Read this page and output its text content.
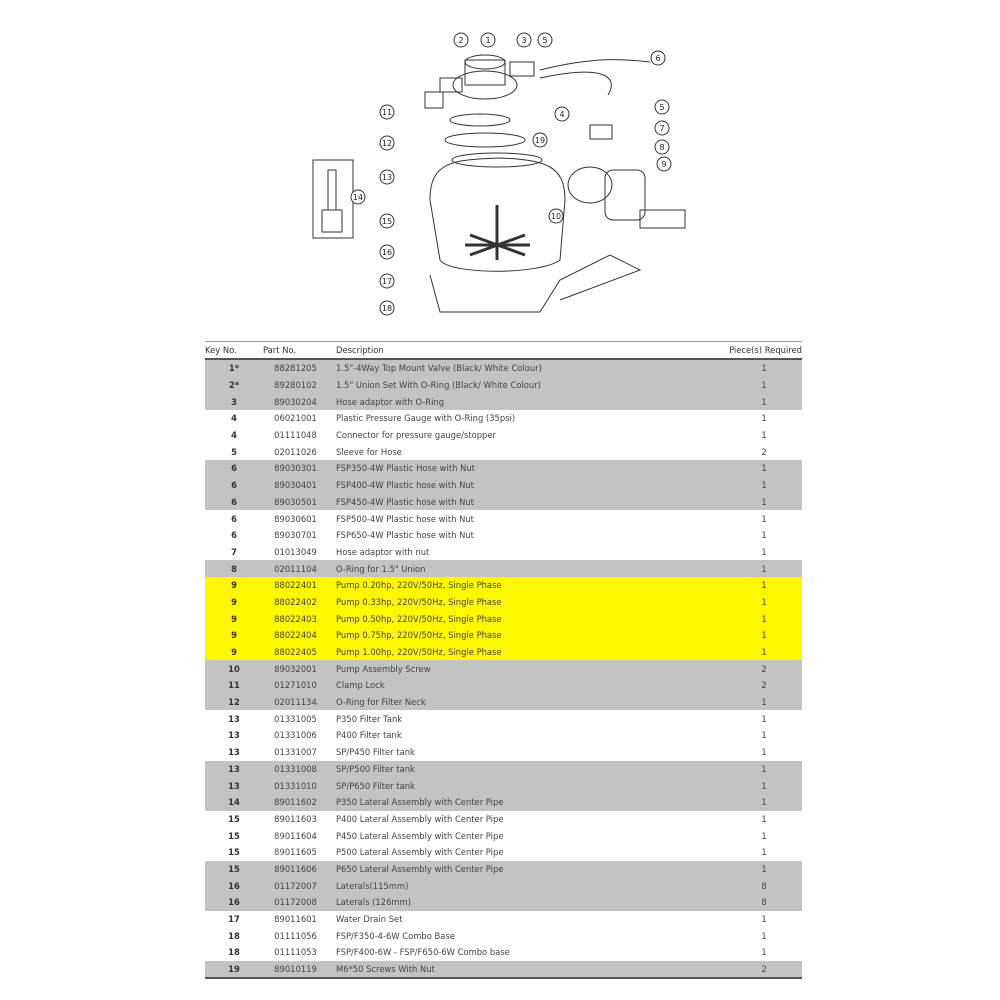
2	1	3 5
6
11	4
19
12
5
7
8
9
13
14
15
10
16
17
18
Key No.	Part No.	Description	Piece(s) Required
1*	88281205	1.5"-4Way Top Mount Valve (Black/ White Colour)	1
2*	89280102	1.5" Union Set With O-Ring (Black/ White Colour)	1
3	89030204	Hose adaptor with O-Ring	1
4	06021001	Plastic Pressure Gauge with O-Ring (35psi)	1
4	01111048	Connector for pressure gauge/stopper	1
5	02011026	Sleeve for Hose	2
6	89030301	FSP350-4W Plastic Hose with Nut	1
6	89030401	FSP400-4W Plastic hose with Nut	1
6	89030501	FSP450-4W Plastic hose with Nut	1
6	89030601	FSP500-4W Plastic hose with Nut	1
6	89030701	FSP650-4W Plastic hose with Nut	1
7	01013049	Hose adaptor with nut	1
8	02011104	O-Ring for 1.5" Union	1
9	88022401	Pump 0.20hp, 220V/50Hz, Single Phase	1
9	88022402	Pump 0.33hp, 220V/50Hz, Single Phase	1
9	88022403	Pump 0.50hp, 220V/50Hz, Single Phase	1
9	88022404	Pump 0.75hp, 220V/50Hz, Single Phase	1
9	88022405	Pump 1.00hp, 220V/50Hz, Single Phase	1
10	89032001	Pump Assembly Screw	2
11	01271010	Clamp Lock	2
12	02011134	O-Ring for Filter Neck	1
13	01331005	P350 Filter Tank	1
13	01331006	P400 Filter tank	1
13	01331007	SP/P450 Filter tank	1
13	01331008	SP/P500 Filter tank	1
13	01331010	SP/P650 Filter tank	1
14	89011602	P350 Lateral Assembly with Center Pipe	1
15	89011603	P400 Lateral Assembly with Center Pipe	1
15	89011604	P450 Lateral Assembly with Center Pipe	1
15	89011605	P500 Lateral Assembly with Center Pipe	1
15	89011606	P650 Lateral Assembly with Center Pipe	1
16	01172007	Laterals(115mm)	8
16	01172008	Laterals (126mm)	8
17	89011601	Water Drain Set	1
18	01111056	FSP/F350-4-6W Combo Base	1
18	01111053	FSP/F400-6W - FSP/F650-6W Combo base	1
19	89010119	M6*50 Screws With Nut	2
